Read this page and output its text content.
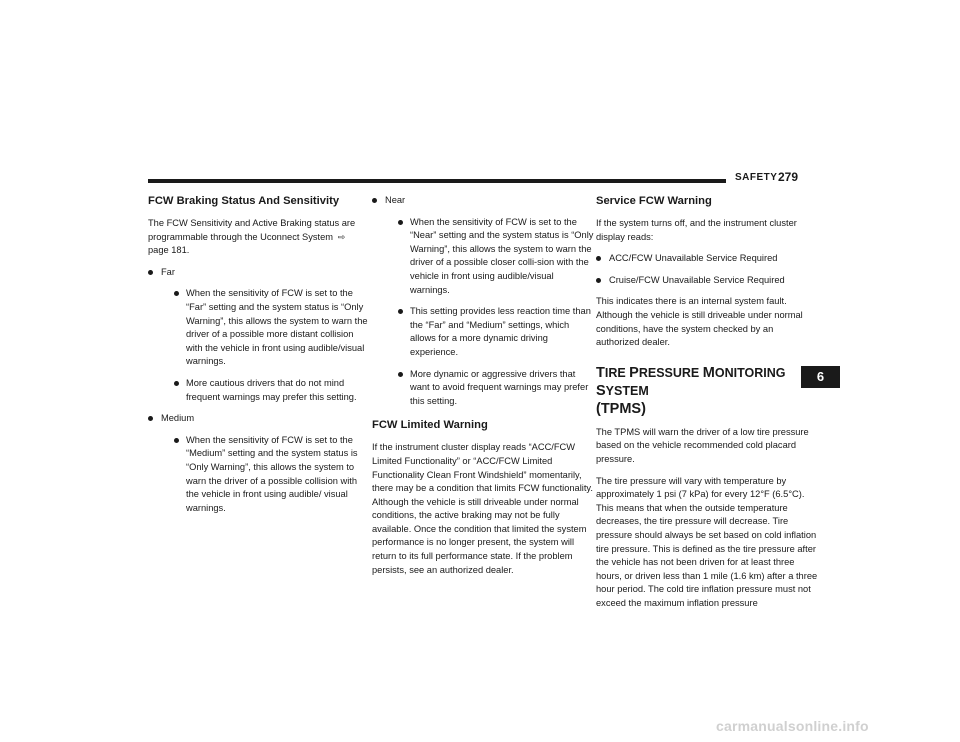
SAFETY 279
FCW Braking Status And Sensitivity

The FCW Sensitivity and Active Braking status are programmable through the Uconnect System ⇨ page 181.

Far
When the sensitivity of FCW is set to the “Far” setting and the system status is “Only Warning”, this allows the system to warn the driver of a possible more distant collision with the vehicle in front using audible/visual warnings.
More cautious drivers that do not mind frequent warnings may prefer this setting.
Medium
When the sensitivity of FCW is set to the “Medium” setting and the system status is “Only Warning”, this allows the system to warn the driver of a possible collision with the vehicle in front using audible/ visual warnings.
Near
When the sensitivity of FCW is set to the “Near” setting and the system status is “Only Warning”, this allows the system to warn the driver of a possible closer colli-sion with the vehicle in front using audible/visual warnings.
This setting provides less reaction time than the “Far” and “Medium” settings, which allows for a more dynamic driving experience.
More dynamic or aggressive drivers that want to avoid frequent warnings may prefer this setting.
FCW Limited Warning

If the instrument cluster display reads “ACC/FCW Limited Functionality” or “ACC/FCW Limited Functionality Clean Front Windshield” momentarily, there may be a condition that limits FCW functionality. Although the vehicle is still driveable under normal conditions, the active braking may not be fully available. Once the condition that limited the system performance is no longer present, the system will return to its full performance state. If the problem persists, see an authorized dealer.

Service FCW Warning

If the system turns off, and the instrument cluster display reads:

ACC/FCW Unavailable Service Required
Cruise/FCW Unavailable Service Required

This indicates there is an internal system fault. Although the vehicle is still driveable under normal conditions, have the system checked by an authorized dealer.

TIRE PRESSURE MONITORING SYSTEM
(TPMS)

The TPMS will warn the driver of a low tire pressure based on the vehicle recommended cold placard pressure.

The tire pressure will vary with temperature by approximately 1 psi (7 kPa) for every 12°F (6.5°C). This means that when the outside temperature decreases, the tire pressure will decrease. Tire pressure should always be set based on cold inflation tire pressure. This is defined as the tire pressure after the vehicle has not been driven for at least three hours, or driven less than 1 mile (1.6 km) after a three hour period. The cold tire inflation pressure must not exceed the maximum inflation pressure

6
carmanualsonline.info
